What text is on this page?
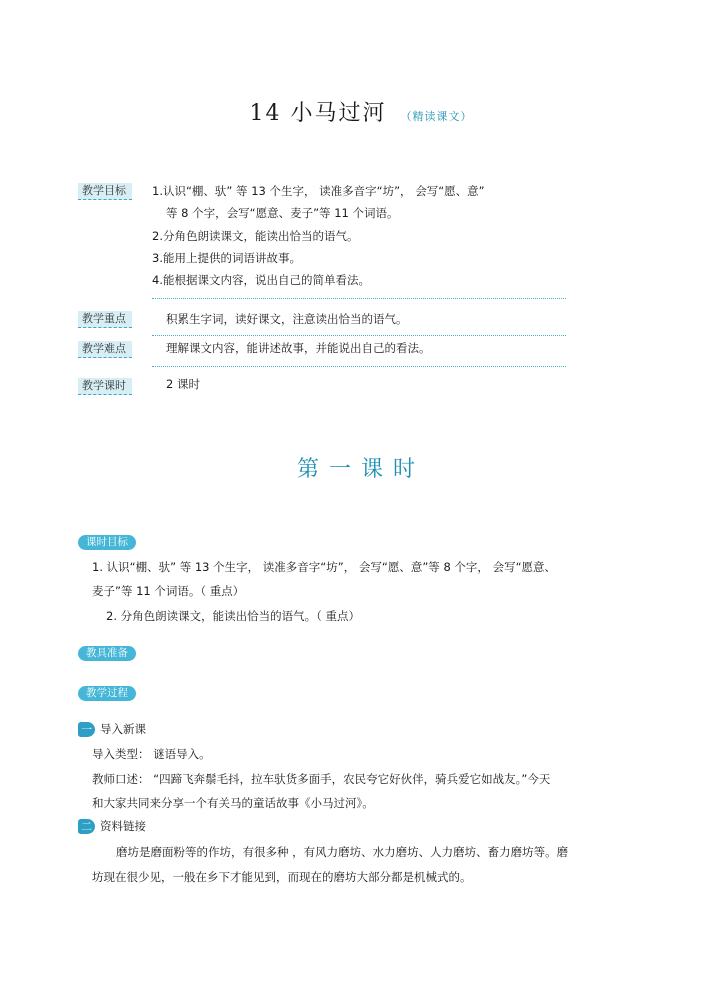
14 小马过河 （精读课文）
教学目标	1.认识“棚、驮” 等 13 个生字， 读准多音字“坊”， 会写“愿、意”
等 8 个字，会写“愿意、麦子”等 11 个词语。
2.分角色朗读课文，能读出恰当的语气。
3.能用上提供的词语讲故事。
4.能根据课文内容，说出自己的简单看法。
教学重点	积累生字词，读好课文，注意读出恰当的语气。
教学难点	理解课文内容，能讲述故事，并能说出自己的看法。
教学课时	2 课时
第一课时
课时目标
1. 认识“棚、驮” 等 13 个生字， 读准多音字“坊”， 会写“愿、意”等 8 个字， 会写“愿意、
麦子”等 11 个词语。（ 重点）
2. 分角色朗读课文，能读出恰当的语气。（ 重点）
教具准备
教学过程
一 导入新课
导入类型： 谜语导入。
教师口述： “四蹄飞奔鬃毛抖，拉车驮货多面手，农民夸它好伙伴，骑兵爱它如战友。”今天
和大家共同来分享一个有关马的童话故事《小马过河》。
二 资料链接
磨坊是磨面粉等的作坊，有很多种 ，有风力磨坊、水力磨坊、人力磨坊、畜力磨坊等。磨
坊现在很少见，一般在乡下才能见到，而现在的磨坊大部分都是机械式的。
